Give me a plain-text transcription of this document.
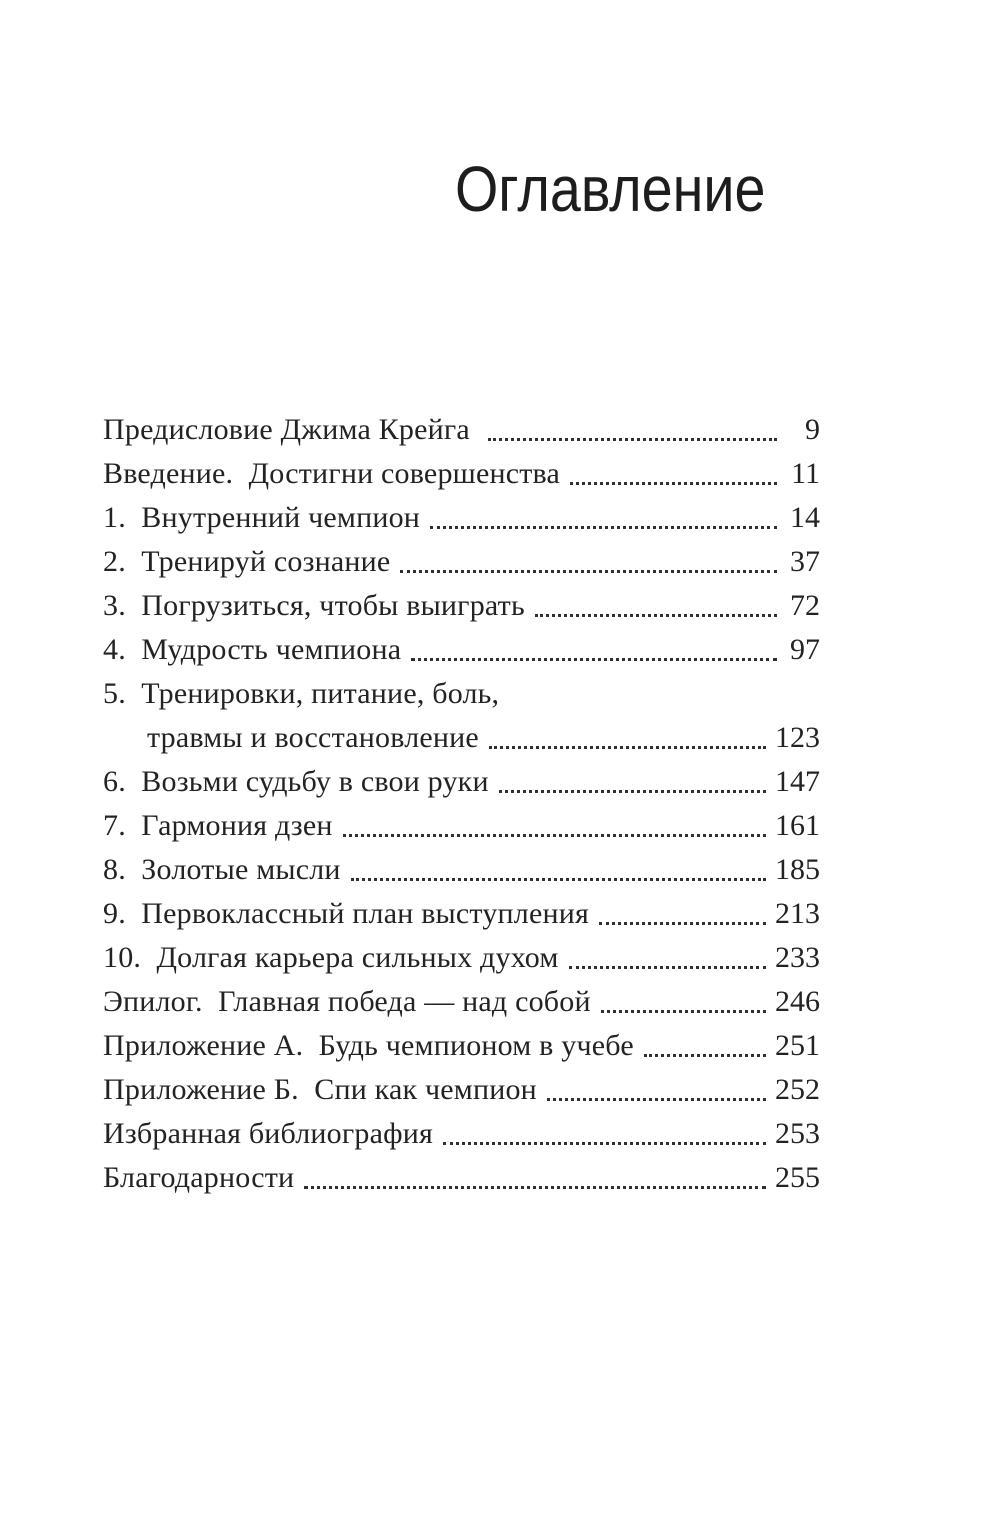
Оглавление
Предисловие Джима Крейга	9
Введение.  Достигни совершенства	11
1.  Внутренний чемпион	14
2.  Тренируй сознание	37
3.  Погрузиться, чтобы выиграть	72
4.  Мудрость чемпиона	97
5.  Тренировки, питание, боль,
травмы и восстановление	123
6.  Возьми судьбу в свои руки	147
7.  Гармония дзен	161
8.  Золотые мысли	185
9.  Первоклассный план выступления	213
10.  Долгая карьера сильных духом	233
Эпилог.  Главная победа — над собой	246
Приложение А.  Будь чемпионом в учебе	251
Приложение Б.  Спи как чемпион	252
Избранная библиография	253
Благодарности	255
